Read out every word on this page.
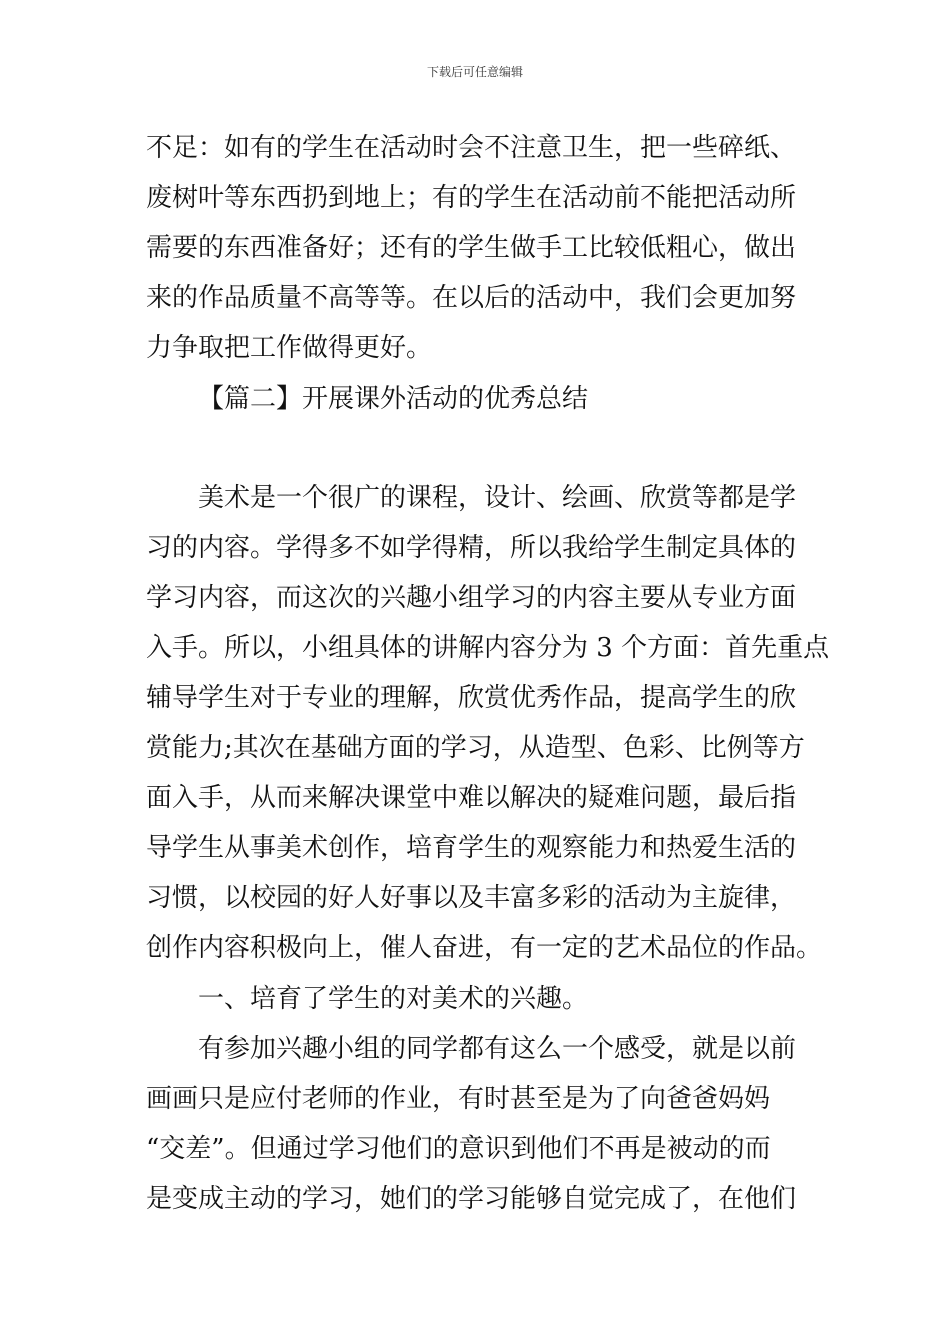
下载后可任意编辑

不足：如有的学生在活动时会不注意卫生，把一些碎纸、

废树叶等东西扔到地上；有的学生在活动前不能把活动所

需要的东西准备好；还有的学生做手工比较低粗心，做出

来的作品质量不高等等。在以后的活动中，我们会更加努

力争取把工作做得更好。

【篇二】开展课外活动的优秀总结

美术是一个很广的课程，设计、绘画、欣赏等都是学

习的内容。学得多不如学得精，所以我给学生制定具体的

学习内容，而这次的兴趣小组学习的内容主要从专业方面

入手。所以，小组具体的讲解内容分为 3 个方面：首先重点

辅导学生对于专业的理解，欣赏优秀作品，提高学生的欣

赏能力;其次在基础方面的学习，从造型、色彩、比例等方

面入手，从而来解决课堂中难以解决的疑难问题，最后指

导学生从事美术创作，培育学生的观察能力和热爱生活的

习惯，以校园的好人好事以及丰富多彩的活动为主旋律，

创作内容积极向上，催人奋进，有一定的艺术品位的作品。

一、培育了学生的对美术的兴趣。

有参加兴趣小组的同学都有这么一个感受，就是以前

画画只是应付老师的作业，有时甚至是为了向爸爸妈妈

“交差”。但通过学习他们的意识到他们不再是被动的而

是变成主动的学习，她们的学习能够自觉完成了，在他们
